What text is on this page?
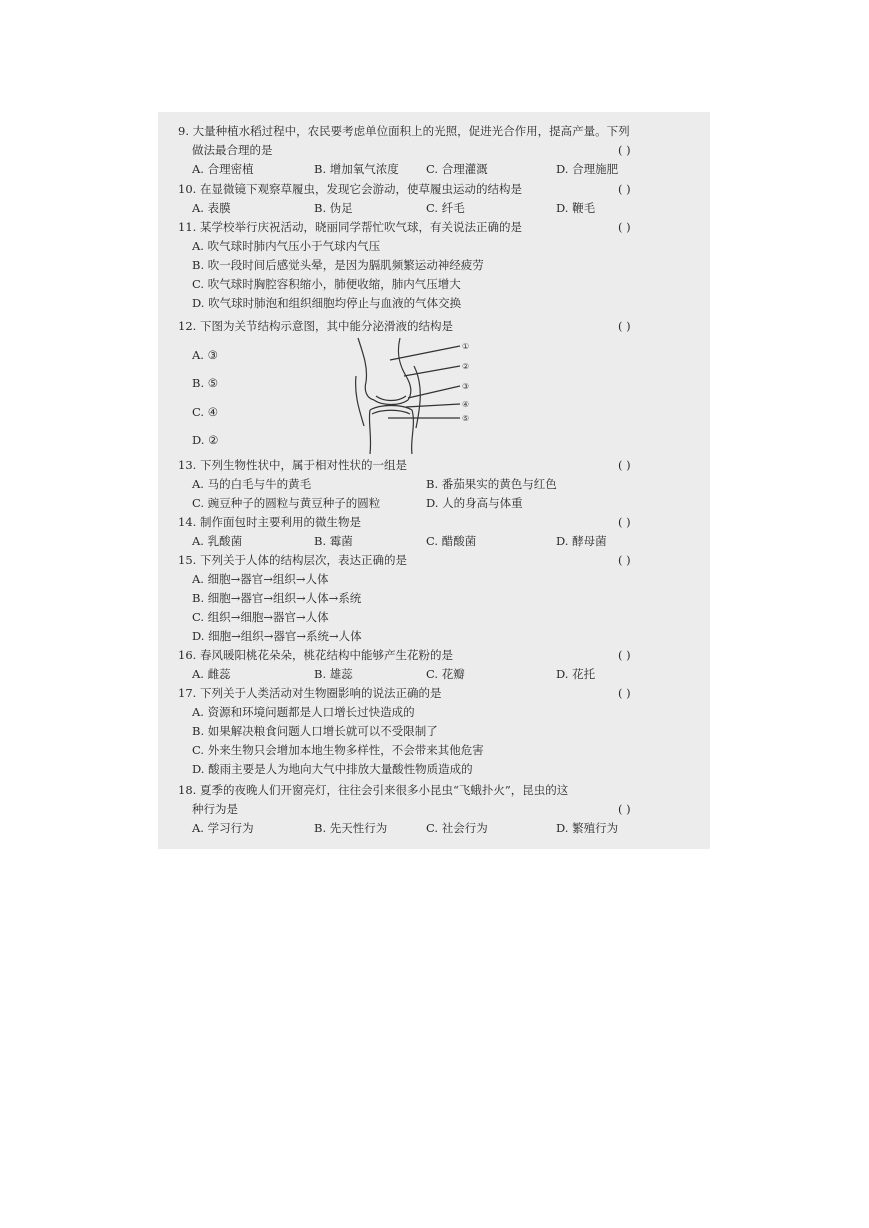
9. 大量种植水稻过程中，农民要考虑单位面积上的光照，促进光合作用，提高产量。下列
做法最合理的是	( )
A. 合理密植	B. 增加氧气浓度 C. 合理灌溉	D. 合理施肥
10. 在显微镜下观察草履虫，发现它会游动，使草履虫运动的结构是	( )
A. 表膜	B. 伪足	C. 纤毛	D. 鞭毛
11. 某学校举行庆祝活动，晓丽同学帮忙吹气球，有关说法正确的是	( )
A. 吹气球时肺内气压小于气球内气压
B. 吹一段时间后感觉头晕，是因为膈肌频繁运动神经疲劳
C. 吹气球时胸腔容积缩小，肺便收缩，肺内气压增大
D. 吹气球时肺泡和组织细胞均停止与血液的气体交换
12. 下图为关节结构示意图，其中能分泌滑液的结构是	( )
A. ③
B. ⑤
C. ④
D. ②
①
②
③
④
⑤
13. 下列生物性状中，属于相对性状的一组是	( )
A. 马的白毛与牛的黄毛	B. 番茄果实的黄色与红色
C. 豌豆种子的圆粒与黄豆种子的圆粒	D. 人的身高与体重
14. 制作面包时主要利用的微生物是	( )
A. 乳酸菌	B. 霉菌	C. 醋酸菌	D. 酵母菌
15. 下列关于人体的结构层次，表达正确的是	( )
A. 细胞→器官→组织→人体
B. 细胞→器官→组织→人体→系统
C. 组织→细胞→器官→人体
D. 细胞→组织→器官→系统→人体
16. 春风暖阳桃花朵朵，桃花结构中能够产生花粉的是	( )
A. 雌蕊	B. 雄蕊	C. 花瓣	D. 花托
17. 下列关于人类活动对生物圈影响的说法正确的是	( )
A. 资源和环境问题都是人口增长过快造成的
B. 如果解决粮食问题人口增长就可以不受限制了
C. 外来生物只会增加本地生物多样性，不会带来其他危害
D. 酸雨主要是人为地向大气中排放大量酸性物质造成的
18. 夏季的夜晚人们开窗亮灯，往往会引来很多小昆虫“飞蛾扑火”，昆虫的这
种行为是	( )
A. 学习行为	B. 先天性行为	C. 社会行为	D. 繁殖行为
